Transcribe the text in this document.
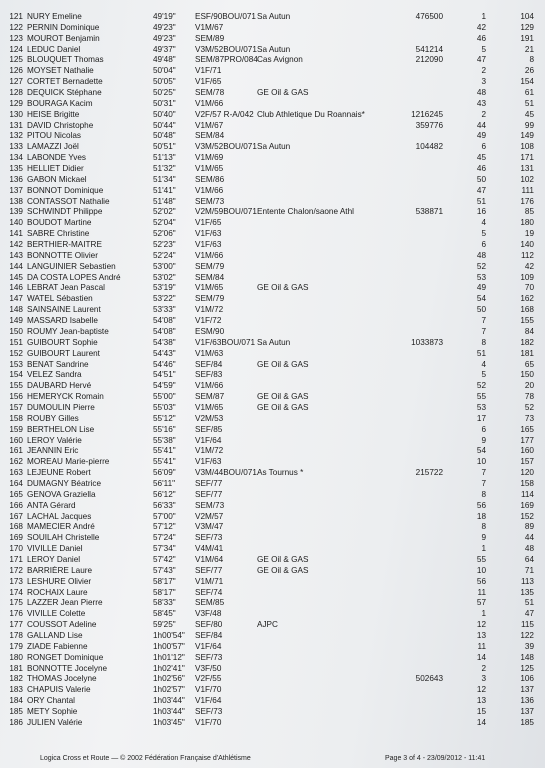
121 NURY Emeline	49'19"	ESF/90BOU/071 Sa Autun	476500	1	104
122 PERNIN Dominique	49'23"	V1M/67	42	129
123 MOUROT Benjamin	49'23"	SEM/89	46	191
124 LEDUC Daniel	49'37"	V3M/52BOU/071 Sa Autun	541214	5	21
125 BLOUQUET Thomas	49'48"	SEM/87PRO/084 Cas Avignon	212090	47	8
126 MOYSET Nathalie	50'04"	V1F/71	2	26
127 CORTET Bernadette	50'05"	V1F/65	3	154
128 DEQUICK Stéphane	50'25"	SEM/78	GE Oil & GAS	48	61
129 BOURAGA Kacim	50'31"	V1M/66	43	51
130 HEISE Brigitte	50'40"	V2F/57 R-A/042 Club Athletique Du Roannais*	1216245	2	45
131 DAVID Christophe	50'44"	V1M/67	359776	44	99
132 PITOU Nicolas	50'48"	SEM/84	49	149
133 LAMAZZI Joël	50'51"	V3M/52BOU/071 Sa Autun	104482	6	108
134 LABONDE Yves	51'13"	V1M/69	45	171
135 HELLIET Didier	51'32"	V1M/65	46	131
136 GABON Mickael	51'34"	SEM/86	50	102
137 BONNOT Dominique	51'41"	V1M/66	47	111
138 CONTASSOT Nathalie	51'48"	SEM/73	51	176
139 SCHWINDT Philippe	52'02"	V2M/59BOU/071 Entente Chalon/saone Athl	538871	16	85
140 BOUDOT Martine	52'04"	V1F/65	4	180
141 SABRE Christine	52'06"	V1F/63	5	19
142 BERTHIER-MAITRE	52'23"	V1F/63	6	140
143 BONNOTTE Olivier	52'24"	V1M/66	48	112
144 LANGUINIER Sebastien	53'00"	SEM/79	52	42
145 DA COSTA LOPES André	53'02"	SEM/84	53	109
146 LEBRAT Jean Pascal	53'19"	V1M/65	GE Oil & GAS	49	70
147 WATEL Sébastien	53'22"	SEM/79	54	162
148 SAINSAINE Laurent	53'33"	V1M/72	50	168
149 MASSARD Isabelle	54'08"	V1F/72	7	155
150 ROUMY Jean-baptiste	54'08"	ESM/90	7	84
151 GUIBOURT Sophie	54'38"	V1F/63BOU/071 Sa Autun	1033873	8	182
152 GUIBOURT Laurent	54'43"	V1M/63	51	181
153 BENAT Sandrine	54'46"	SEF/84	GE Oil & GAS	4	65
154 VELEZ Sandra	54'51"	SEF/83	5	150
155 DAUBARD Hervé	54'59"	V1M/66	52	20
156 HEMERYCK Romain	55'00"	SEM/87	GE Oil & GAS	55	78
157 DUMOULIN Pierre	55'03"	V1M/65	GE Oil & GAS	53	52
158 ROUBY Gilles	55'12"	V2M/53	17	73
159 BERTHELON Lise	55'16"	SEF/85	6	165
160 LEROY Valérie	55'38"	V1F/64	9	177
161 JEANNIN Eric	55'41"	V1M/72	54	160
162 MOREAU Marie-pierre	55'41"	V1F/63	10	157
163 LEJEUNE Robert	56'09"	V3M/44BOU/071 As Tournus *	215722	7	120
164 DUMAGNY Béatrice	56'11"	SEF/77	7	158
165 GENOVA Graziella	56'12"	SEF/77	8	114
166 ANTA Gérard	56'33"	SEM/73	56	169
167 LACHAL Jacques	57'00"	V2M/57	18	152
168 MAMECIER André	57'12"	V3M/47	8	89
169 SOUILAH Christelle	57'24"	SEF/73	9	44
170 VIVILLE Daniel	57'34"	V4M/41	1	48
171 LEROY Daniel	57'42"	V1M/64	GE Oil & GAS	55	64
172 BARRIÈRE Laure	57'43"	SEF/77	GE Oil & GAS	10	71
173 LESHURE Olivier	58'17"	V1M/71	56	113
174 ROCHAIX Laure	58'17"	SEF/74	11	135
175 LAZZER Jean Pierre	58'33"	SEM/85	57	51
176 VIVILLE Colette	58'45"	V3F/48	1	47
177 COUSSOT Adeline	59'25"	SEF/80	AJPC	12	115
178 GALLAND Lise	1h00'54"	SEF/84	13	122
179 ZIADE Fabienne	1h00'57"	V1F/64	11	39
180 RONGET Dominique	1h01'12"	SEF/73	14	148
181 BONNOTTE Jocelyne	1h02'41"	V3F/50	2	125
182 THOMAS Jocelyne	1h02'56"	V2F/55	502643	3	106
183 CHAPUIS Valerie	1h02'57"	V1F/70	12	137
184 ORY Chantal	1h03'44"	V1F/64	13	136
185 METY Sophie	1h03'44"	SEF/73	15	137
186 JULIEN Valérie	1h03'45"	V1F/70	14	185
Logica Cross et Route — © 2002 Fédération Française d'Athlétisme	Page 3 of 4 - 23/09/2012 - 11:41
